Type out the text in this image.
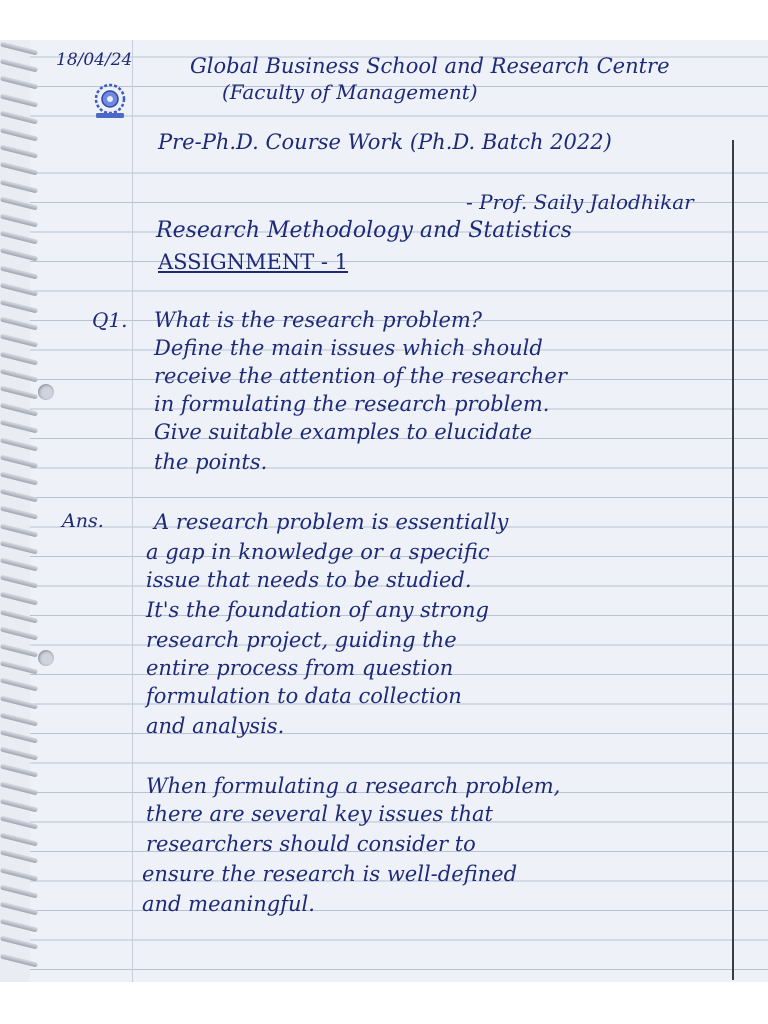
18/04/24	Global Business School and Research Centre
(Faculty of Management)
Pre-Ph.D. Course Work (Ph.D. Batch 2022)
- Prof. Saily Jalodhikar
Research Methodology and Statistics
ASSIGNMENT - 1
Q1. What is the research problem?
Define the main issues which should
receive the attention of the researcher
in formulating the research problem.
Give suitable examples to elucidate
the points.
Ans. A research problem is essentially
a gap in knowledge or a specific
issue that needs to be studied.
It's the foundation of any strong
research project, guiding the
entire process from question
formulation to data collection
and analysis.
When formulating a research problem,
there are several key issues that
researchers should consider to
ensure the research is well-defined
and meaningful.
